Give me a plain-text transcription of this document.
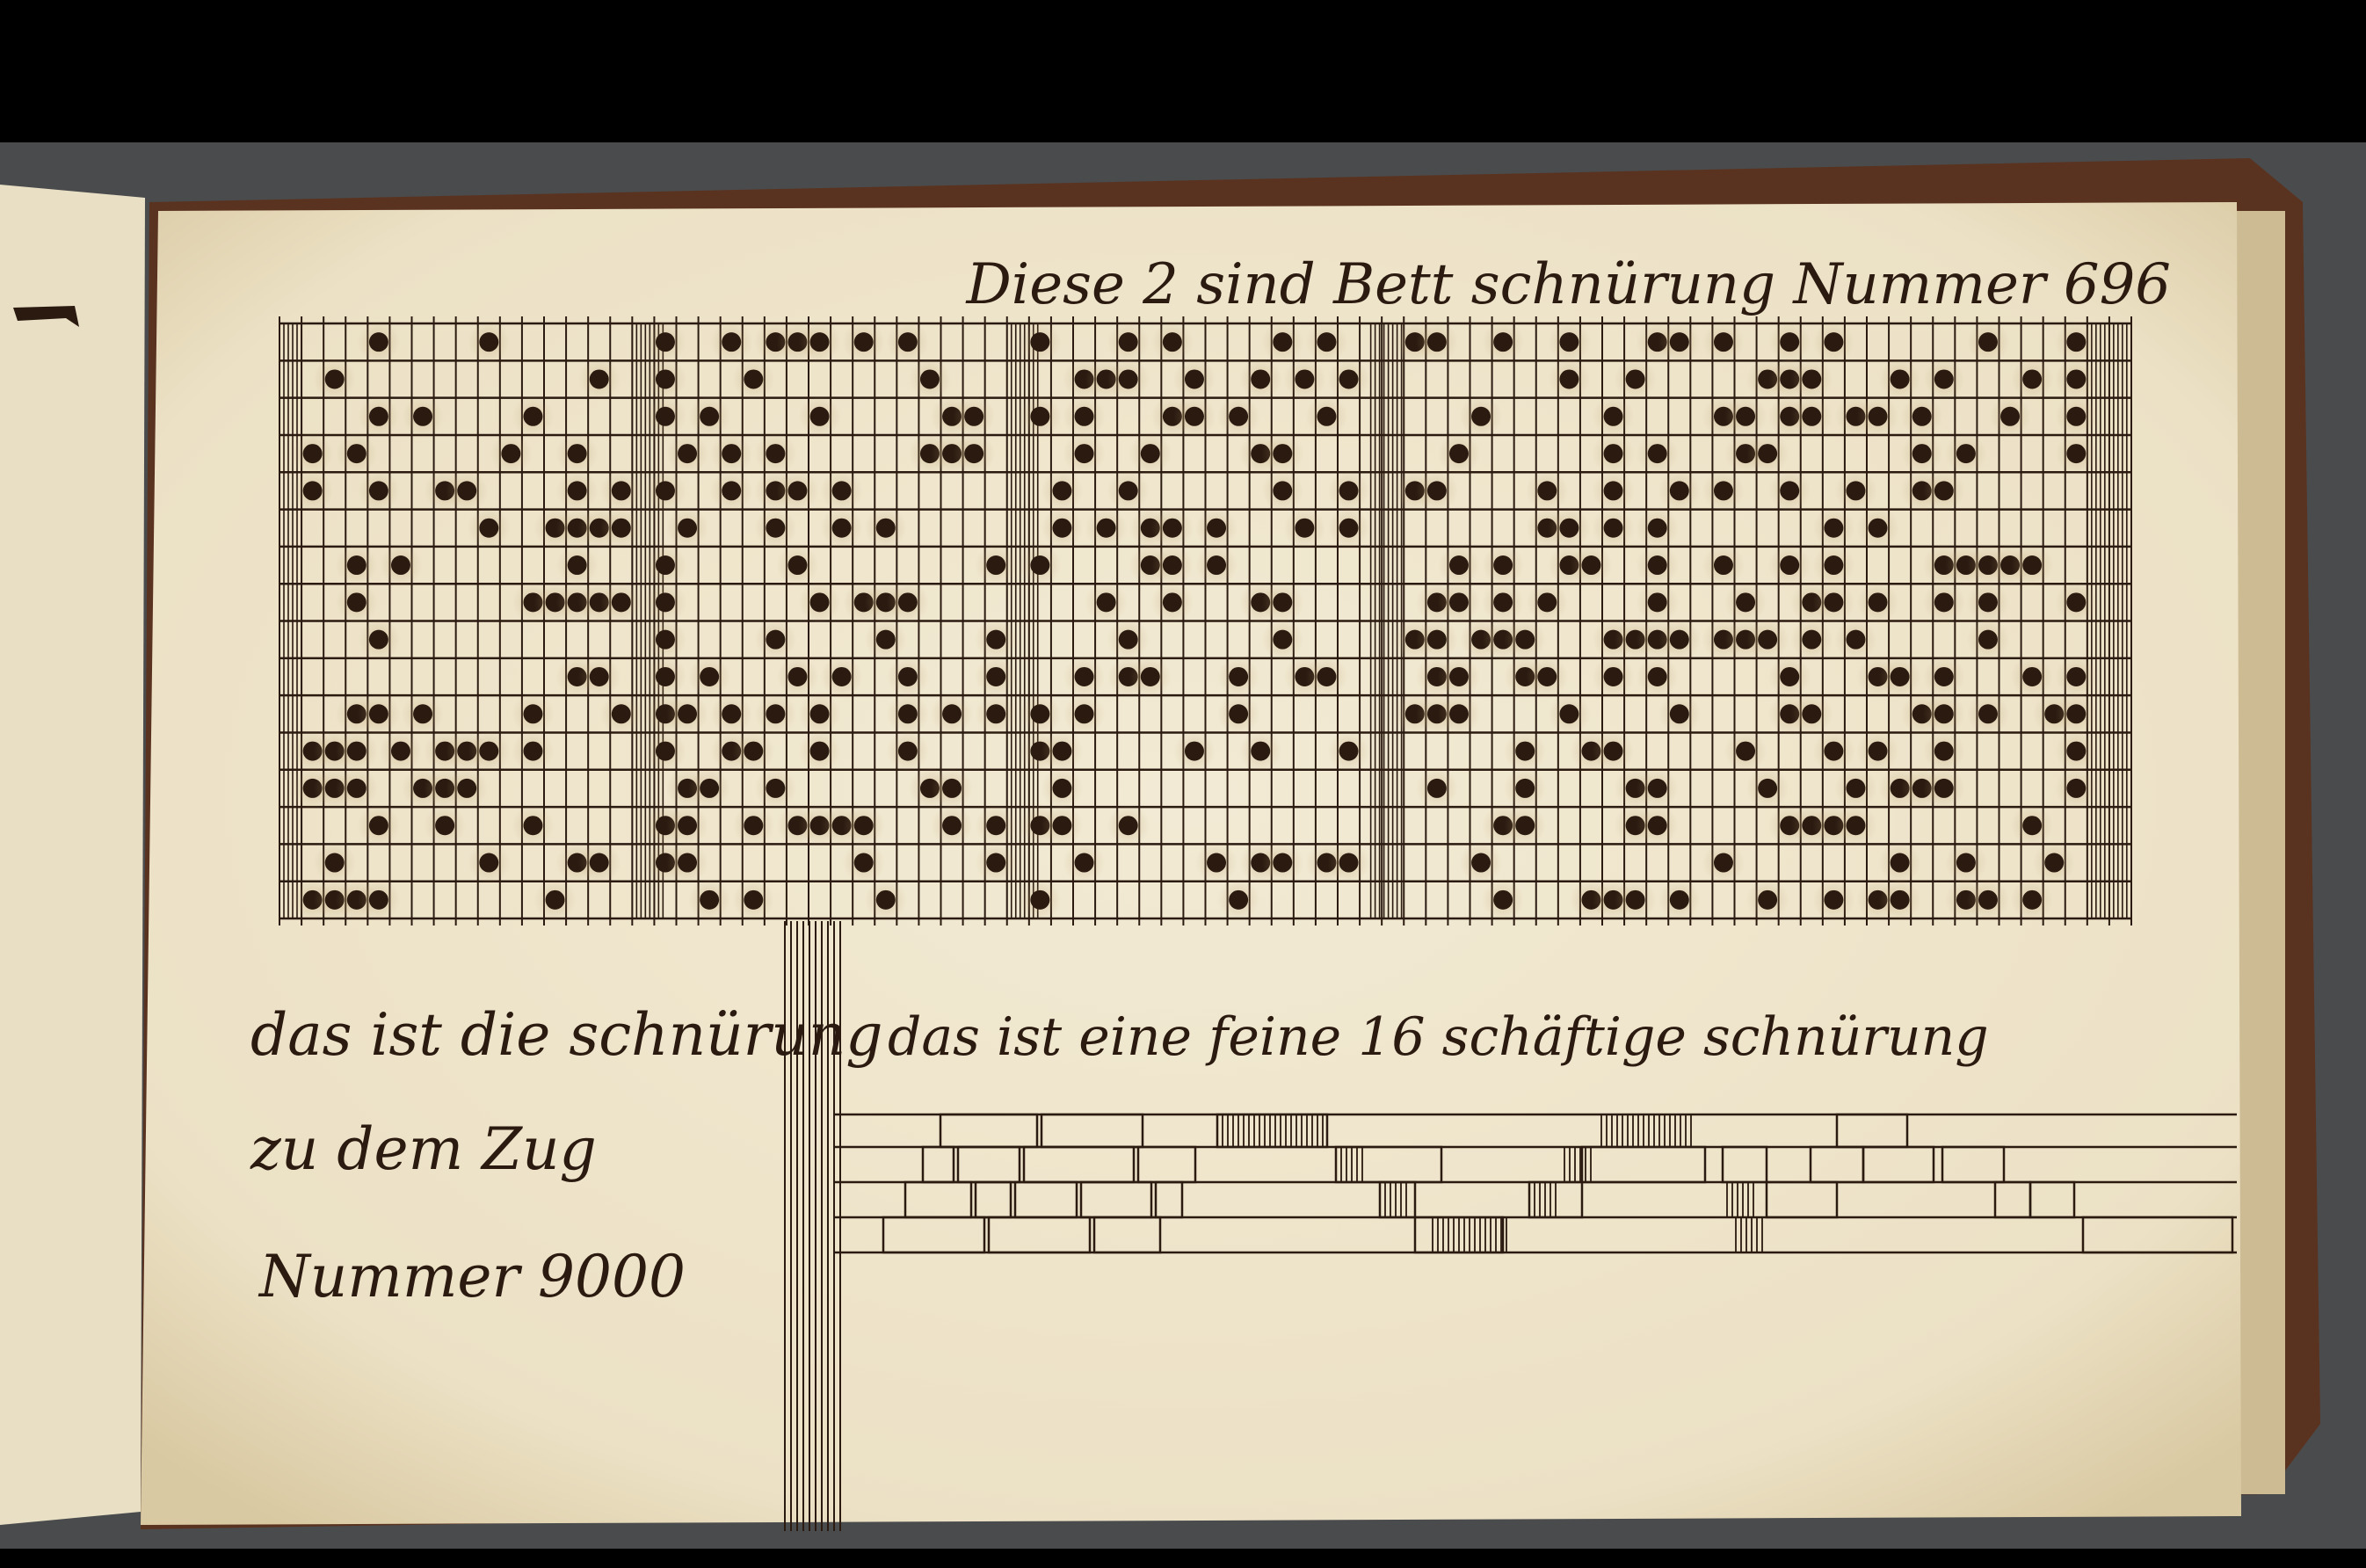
Diese 2 sind Bett schnürung Nummer 696
das ist die schnürung
zu dem Zug
Nummer 9000
das ist eine feine 16 schäftige schnürung
